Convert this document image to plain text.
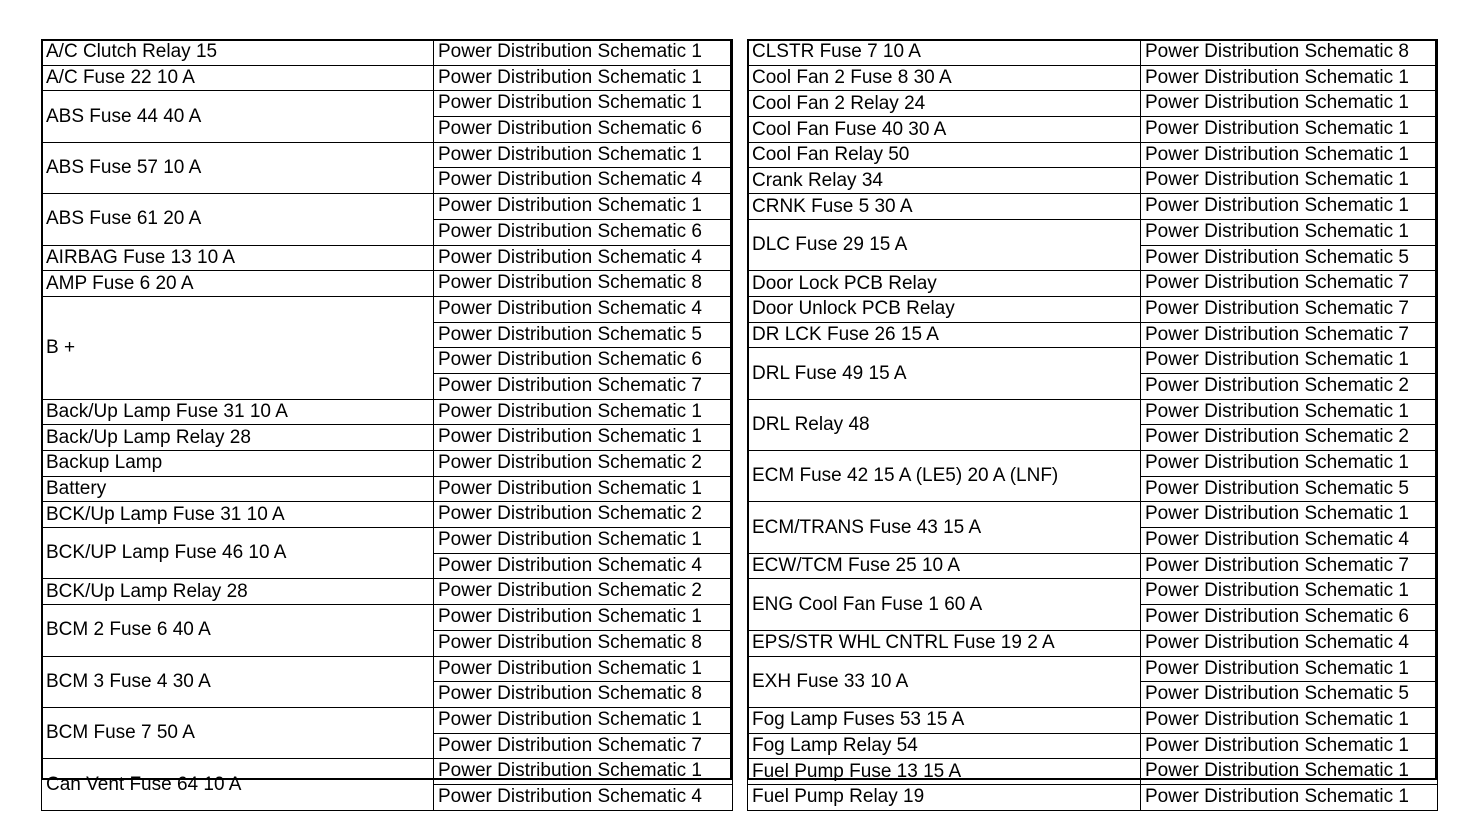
A/C Clutch Relay 15	Power Distribution Schematic 1

A/C Fuse 22 10 A	Power Distribution Schematic 1

ABS Fuse 44 40 A	Power Distribution Schematic 1
Power Distribution Schematic 6

ABS Fuse 57 10 A	Power Distribution Schematic 1
Power Distribution Schematic 4

ABS Fuse 61 20 A	Power Distribution Schematic 1
Power Distribution Schematic 6

AIRBAG Fuse 13 10 A	Power Distribution Schematic 4

AMP Fuse 6 20 A	Power Distribution Schematic 8

B +	Power Distribution Schematic 4
Power Distribution Schematic 5
Power Distribution Schematic 6
Power Distribution Schematic 7

Back/Up Lamp Fuse 31 10 A	Power Distribution Schematic 1

Back/Up Lamp Relay 28	Power Distribution Schematic 1

Backup Lamp	Power Distribution Schematic 2

Battery	Power Distribution Schematic 1

BCK/Up Lamp Fuse 31 10 A	Power Distribution Schematic 2

BCK/UP Lamp Fuse 46 10 A	Power Distribution Schematic 1
Power Distribution Schematic 4

BCK/Up Lamp Relay 28	Power Distribution Schematic 2

BCM 2 Fuse 6 40 A	Power Distribution Schematic 1
Power Distribution Schematic 8

BCM 3 Fuse 4 30 A	Power Distribution Schematic 1
Power Distribution Schematic 8

BCM Fuse 7 50 A	Power Distribution Schematic 1
Power Distribution Schematic 7

Can Vent Fuse 64 10 A	Power Distribution Schematic 1
Power Distribution Schematic 4
CLSTR Fuse 7 10 A	Power Distribution Schematic 8

Cool Fan 2 Fuse 8 30 A	Power Distribution Schematic 1

Cool Fan 2 Relay 24	Power Distribution Schematic 1

Cool Fan Fuse 40 30 A	Power Distribution Schematic 1

Cool Fan Relay 50	Power Distribution Schematic 1

Crank Relay 34	Power Distribution Schematic 1

CRNK Fuse 5 30 A	Power Distribution Schematic 1

DLC Fuse 29 15 A	Power Distribution Schematic 1
Power Distribution Schematic 5

Door Lock PCB Relay	Power Distribution Schematic 7

Door Unlock PCB Relay	Power Distribution Schematic 7

DR LCK Fuse 26 15 A	Power Distribution Schematic 7

DRL Fuse 49 15 A	Power Distribution Schematic 1
Power Distribution Schematic 2

DRL Relay 48	Power Distribution Schematic 1
Power Distribution Schematic 2

ECM Fuse 42 15 A (LE5) 20 A (LNF)	Power Distribution Schematic 1
Power Distribution Schematic 5

ECM/TRANS Fuse 43 15 A	Power Distribution Schematic 1
Power Distribution Schematic 4

ECW/TCM Fuse 25 10 A	Power Distribution Schematic 7

ENG Cool Fan Fuse 1 60 A	Power Distribution Schematic 1
Power Distribution Schematic 6

EPS/STR WHL CNTRL Fuse 19 2 A	Power Distribution Schematic 4

EXH Fuse 33 10 A	Power Distribution Schematic 1
Power Distribution Schematic 5

Fog Lamp Fuses 53 15 A	Power Distribution Schematic 1

Fog Lamp Relay 54	Power Distribution Schematic 1

Fuel Pump Fuse 13 15 A	Power Distribution Schematic 1

Fuel Pump Relay 19	Power Distribution Schematic 1
